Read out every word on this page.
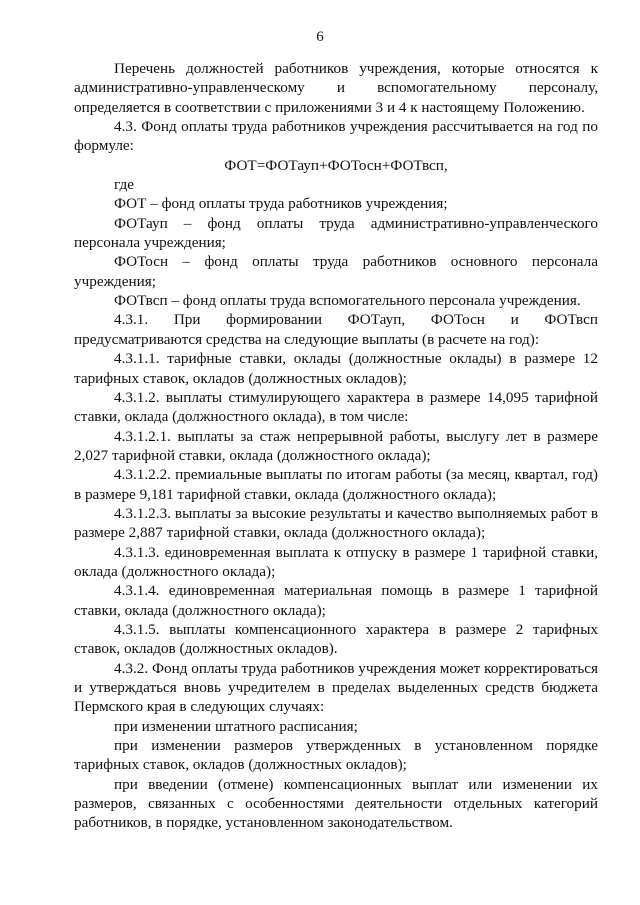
6

Перечень должностей работников учреждения, которые относятся к административно-управленческому и вспомогательному персоналу, определяется в соответствии с приложениями 3 и 4 к настоящему Положению.

4.3. Фонд оплаты труда работников учреждения рассчитывается на год по формуле:

ФОТ=ФОТауп+ФОТосн+ФОТвсп,

где

ФОТ – фонд оплаты труда работников учреждения;

ФОТауп – фонд оплаты труда административно-управленческого персонала учреждения;

ФОТосн – фонд оплаты труда работников основного персонала учреждения;

ФОТвсп – фонд оплаты труда вспомогательного персонала учреждения.

4.3.1. При формировании ФОТауп, ФОТосн и ФОТвсп предусматриваются средства на следующие выплаты (в расчете на год):

4.3.1.1. тарифные ставки, оклады (должностные оклады) в размере 12 тарифных ставок, окладов (должностных окладов);

4.3.1.2. выплаты стимулирующего характера в размере 14,095 тарифной ставки, оклада (должностного оклада), в том числе:

4.3.1.2.1. выплаты за стаж непрерывной работы, выслугу лет в размере 2,027 тарифной ставки, оклада (должностного оклада);

4.3.1.2.2. премиальные выплаты по итогам работы (за месяц, квартал, год) в размере 9,181 тарифной ставки, оклада (должностного оклада);

4.3.1.2.3. выплаты за высокие результаты и качество выполняемых работ в размере 2,887 тарифной ставки, оклада (должностного оклада);

4.3.1.3. единовременная выплата к отпуску в размере 1 тарифной ставки, оклада (должностного оклада);

4.3.1.4. единовременная материальная помощь в размере 1 тарифной ставки, оклада (должностного оклада);

4.3.1.5. выплаты компенсационного характера в размере 2 тарифных ставок, окладов (должностных окладов).

4.3.2. Фонд оплаты труда работников учреждения может корректироваться и утверждаться вновь учредителем в пределах выделенных средств бюджета Пермского края в следующих случаях:

при изменении штатного расписания;

при изменении размеров утвержденных в установленном порядке тарифных ставок, окладов (должностных окладов);

при введении (отмене) компенсационных выплат или изменении их размеров, связанных с особенностями деятельности отдельных категорий работников, в порядке, установленном законодательством.
